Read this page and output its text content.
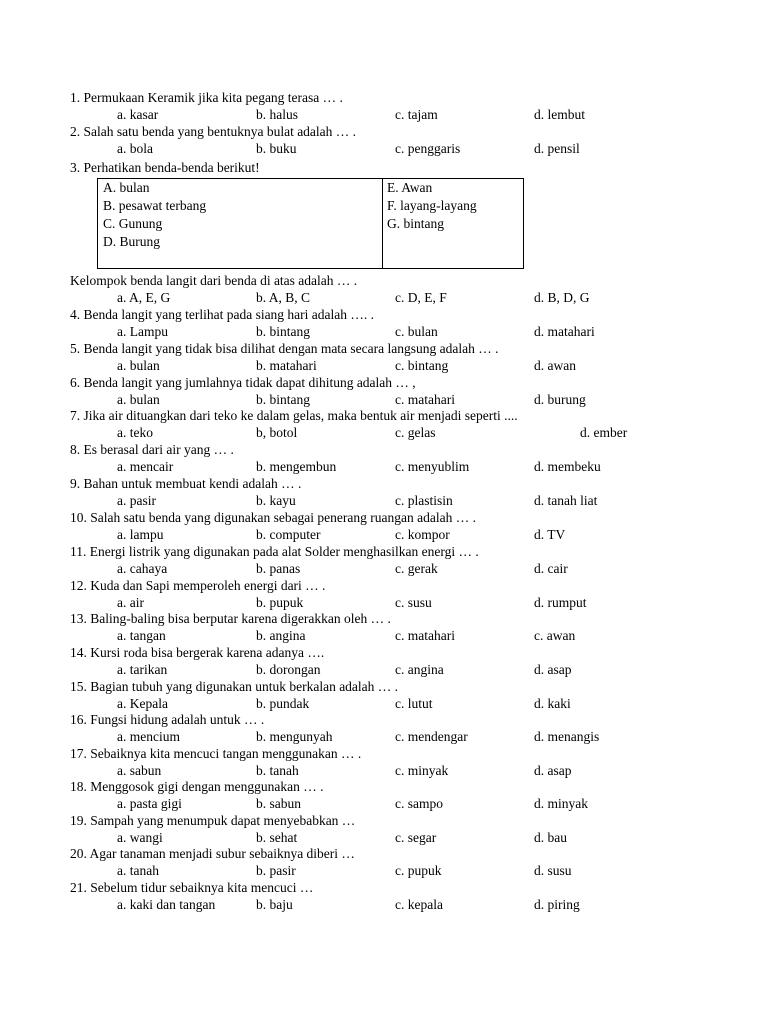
1. Permukaan Keramik jika kita pegang terasa … .
a. kasar	b. halus	c. tajam	d. lembut
2. Salah satu benda yang bentuknya bulat adalah … .
a. bola	b. buku	c. penggaris	d. pensil
3. Perhatikan benda-benda berikut!
Kelompok benda langit dari benda di atas adalah … .
a. A, E, G	b. A, B, C	c. D, E, F	d. B, D, G
4. Benda langit yang terlihat pada siang hari adalah …. .
a. Lampu	b. bintang	c. bulan	d. matahari
5. Benda langit yang tidak bisa dilihat dengan mata secara langsung adalah … .
a. bulan	b. matahari	c. bintang	d. awan
6. Benda langit yang jumlahnya tidak dapat dihitung adalah … ,
a. bulan	b. bintang	c. matahari	d. burung
7. Jika air dituangkan dari teko ke dalam gelas, maka bentuk air menjadi seperti ....
a. teko	b, botol	c. gelas	d. ember
8. Es berasal dari air yang … .
a. mencair	b. mengembun	c. menyublim	d. membeku
9. Bahan untuk membuat kendi adalah … .
a. pasir	b. kayu	c. plastisin	d. tanah liat
10. Salah satu benda yang digunakan sebagai penerang ruangan adalah … .
a. lampu	b. computer	c. kompor	d. TV
11. Energi listrik yang digunakan pada alat Solder menghasilkan energi … .
a. cahaya	b. panas	c. gerak	d. cair
12. Kuda dan Sapi memperoleh energi dari … .
a. air	b. pupuk	c. susu	d. rumput
13. Baling-baling bisa berputar karena digerakkan oleh … .
a. tangan	b. angina	c. matahari	c. awan
14. Kursi roda bisa bergerak karena adanya ….
a. tarikan	b. dorongan	c. angina	d. asap
15. Bagian tubuh yang digunakan untuk berkalan adalah … .
a. Kepala	b. pundak	c. lutut	d. kaki
16. Fungsi hidung adalah untuk … .
a. mencium	b. mengunyah	c. mendengar	d. menangis
17. Sebaiknya kita mencuci tangan menggunakan … .
a. sabun	b. tanah	c. minyak	d. asap
18. Menggosok gigi dengan menggunakan … .
a. pasta gigi	b. sabun	c. sampo	d. minyak
19. Sampah yang menumpuk dapat menyebabkan …
a. wangi	b. sehat	c. segar	d. bau
20. Agar tanaman menjadi subur sebaiknya diberi …
a. tanah	b. pasir	c. pupuk	d. susu
21. Sebelum tidur sebaiknya kita mencuci …
a. kaki dan tangan	b. baju	c. kepala	d. piring
A. bulan
B. pesawat terbang
C. Gunung
D. Burung
E. Awan
F. layang-layang
G. bintang
